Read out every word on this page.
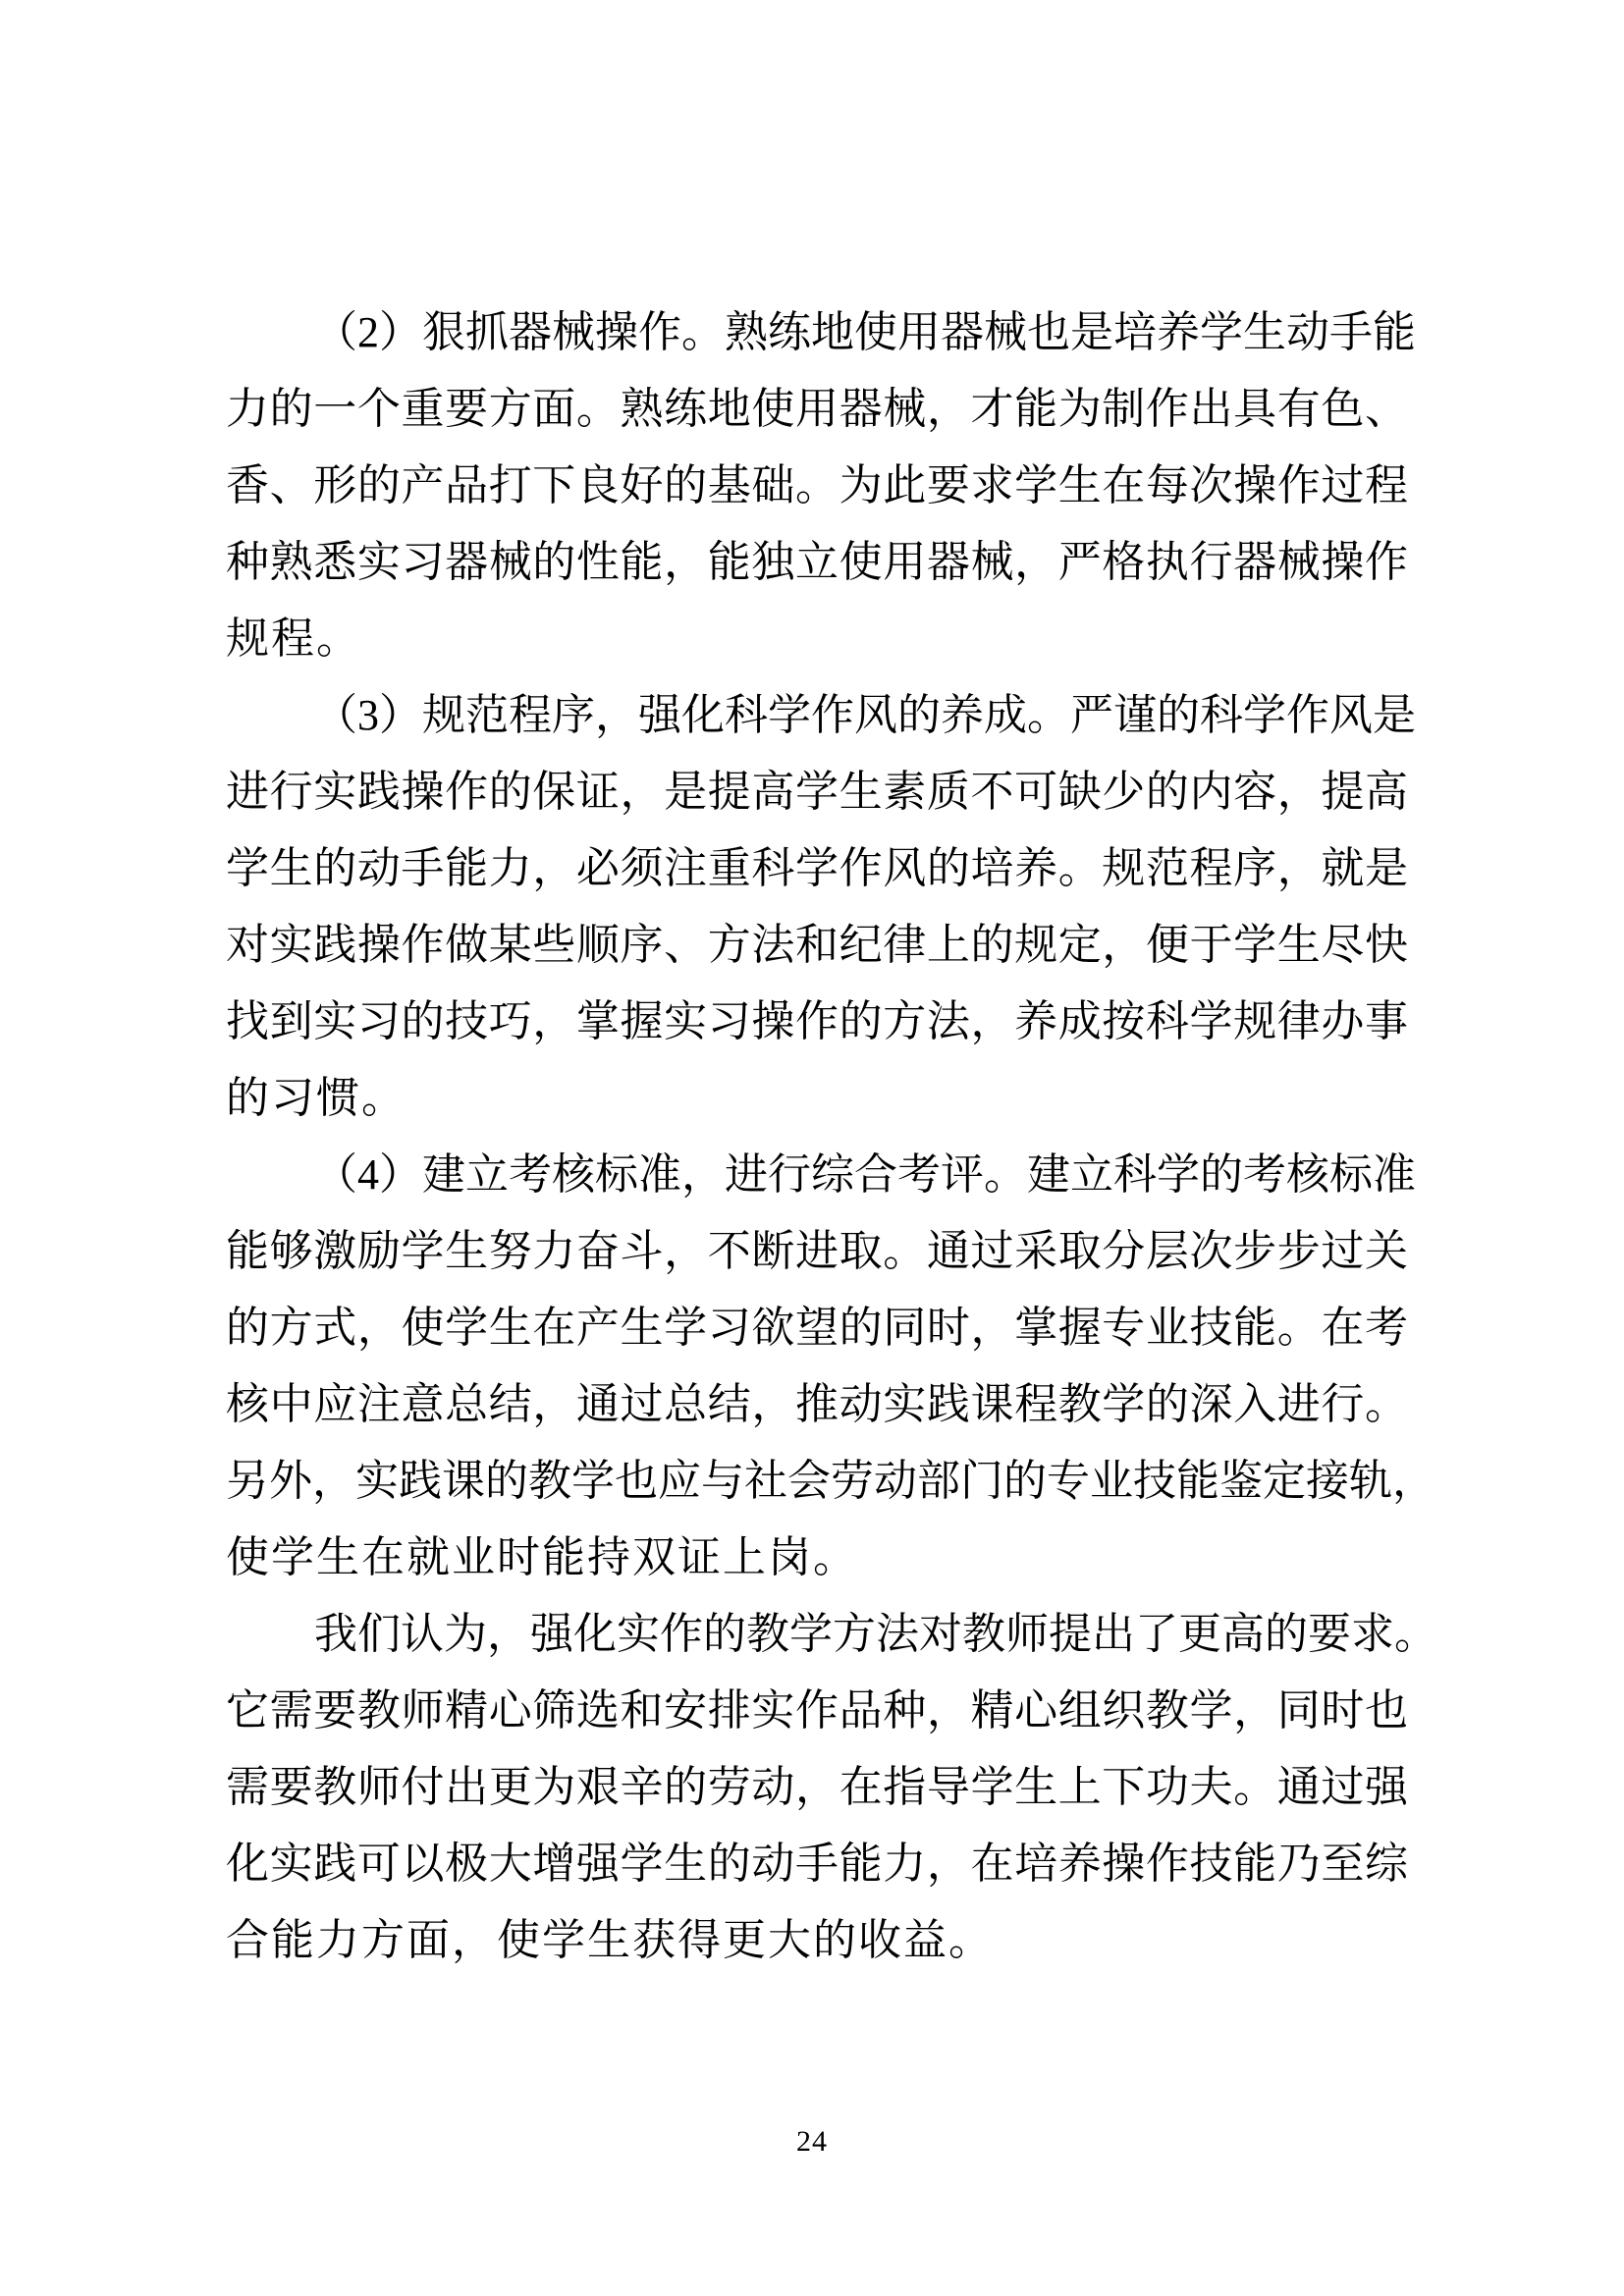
（2）狠抓器械操作。熟练地使用器械也是培养学生动手能
力的一个重要方面。熟练地使用器械，才能为制作出具有色、
香、形的产品打下良好的基础。为此要求学生在每次操作过程
种熟悉实习器械的性能，能独立使用器械，严格执行器械操作
规程。
（3）规范程序，强化科学作风的养成。严谨的科学作风是
进行实践操作的保证，是提高学生素质不可缺少的内容，提高
学生的动手能力，必须注重科学作风的培养。规范程序，就是
对实践操作做某些顺序、方法和纪律上的规定，便于学生尽快
找到实习的技巧，掌握实习操作的方法，养成按科学规律办事
的习惯。
（4）建立考核标准，进行综合考评。建立科学的考核标准
能够激励学生努力奋斗，不断进取。通过采取分层次步步过关
的方式，使学生在产生学习欲望的同时，掌握专业技能。在考
核中应注意总结，通过总结，推动实践课程教学的深入进行。
另外，实践课的教学也应与社会劳动部门的专业技能鉴定接轨，
使学生在就业时能持双证上岗。
我们认为，强化实作的教学方法对教师提出了更高的要求。
它需要教师精心筛选和安排实作品种，精心组织教学，同时也
需要教师付出更为艰辛的劳动，在指导学生上下功夫。通过强
化实践可以极大增强学生的动手能力，在培养操作技能乃至综
合能力方面，使学生获得更大的收益。
24
